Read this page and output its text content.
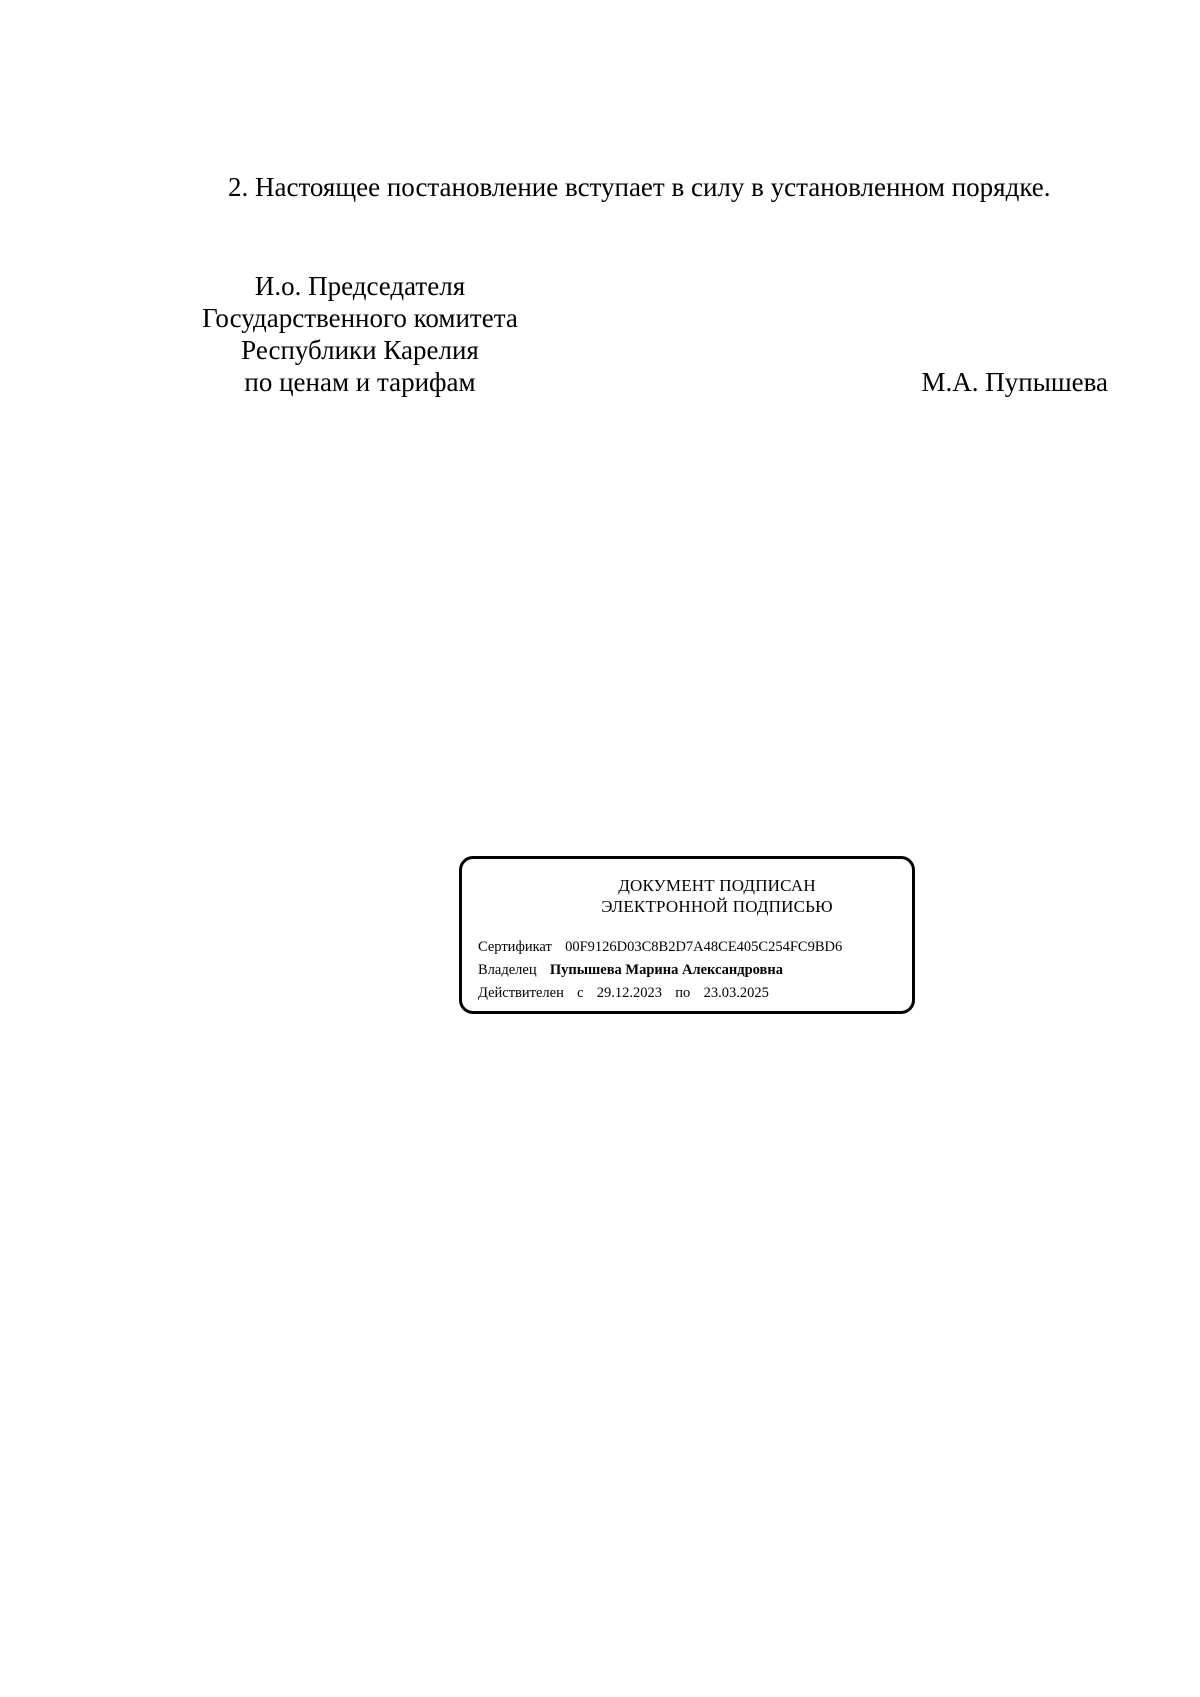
2. Настоящее постановление вступает в силу в установленном порядке.
И.о. Председателя
Государственного комитета
Республики Карелия
по ценам и тарифам	М.А. Пупышева
ДОКУМЕНТ ПОДПИСАН
ЭЛЕКТРОННОЙ ПОДПИСЬЮ
Сертификат 00F9126D03C8B2D7A48CE405C254FC9BD6
Владелец Пупышева Марина Александровна
Действителен с 29.12.2023 по 23.03.2025
